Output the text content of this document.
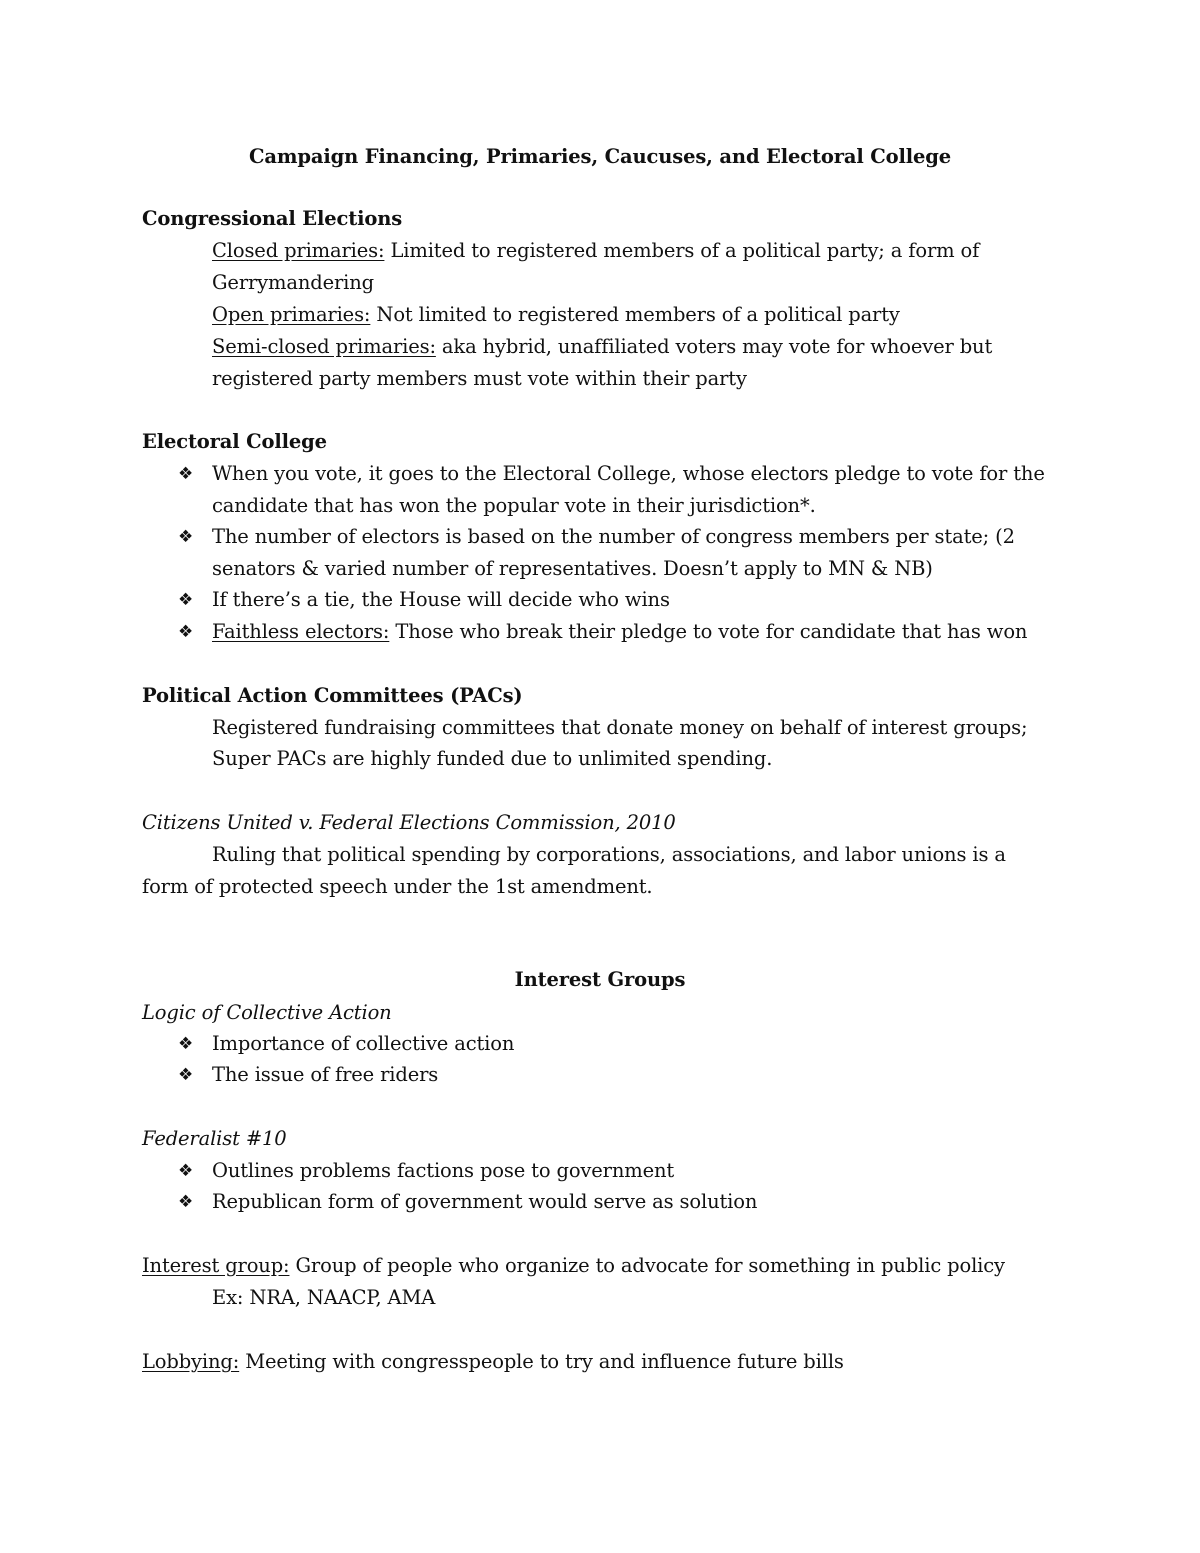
Campaign Financing, Primaries, Caucuses, and Electoral College
Congressional Elections
Closed primaries: Limited to registered members of a political party; a form of
Gerrymandering
Open primaries: Not limited to registered members of a political party
Semi-closed primaries: aka hybrid, unaffiliated voters may vote for whoever but
registered party members must vote within their party
Electoral College
❖ When you vote, it goes to the Electoral College, whose electors pledge to vote for the
candidate that has won the popular vote in their jurisdiction*.
❖ The number of electors is based on the number of congress members per state; (2
senators & varied number of representatives. Doesn’t apply to MN & NB)
❖ If there’s a tie, the House will decide who wins
❖ Faithless electors: Those who break their pledge to vote for candidate that has won
Political Action Committees (PACs)
Registered fundraising committees that donate money on behalf of interest groups;
Super PACs are highly funded due to unlimited spending.
Citizens United v. Federal Elections Commission, 2010
Ruling that political spending by corporations, associations, and labor unions is a
form of protected speech under the 1st amendment.
Interest Groups
Logic of Collective Action
❖ Importance of collective action
❖ The issue of free riders
Federalist #10
❖ Outlines problems factions pose to government
❖ Republican form of government would serve as solution
Interest group: Group of people who organize to advocate for something in public policy
Ex: NRA, NAACP, AMA
Lobbying: Meeting with congresspeople to try and influence future bills
